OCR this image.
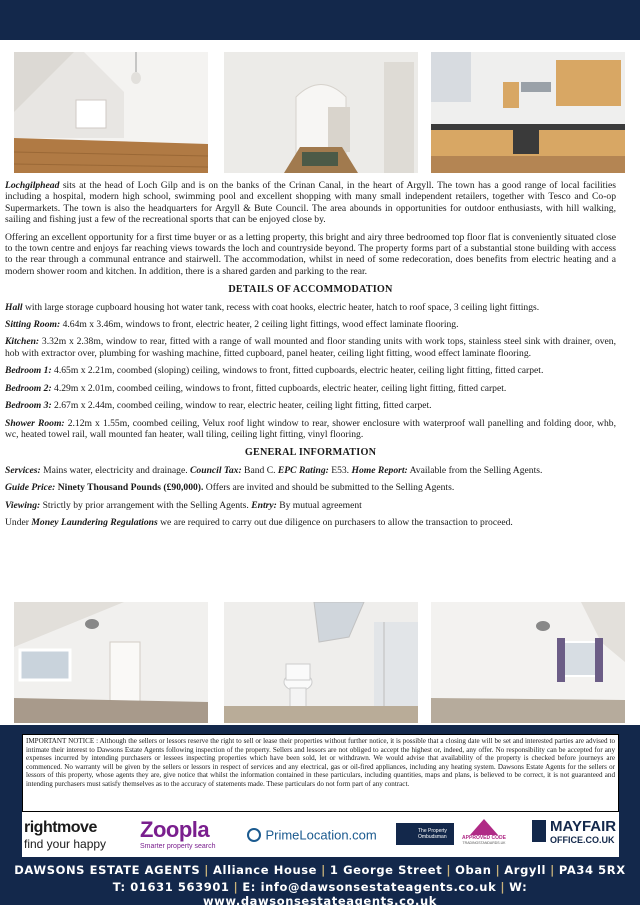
Lochgilphead sits at the head of Loch Gilp and is on the banks of the Crinan Canal, in the heart of Argyll. The town has a good range of local facilities including a hospital, modern high school, swimming pool and excellent shopping with many small independent retailers, together with Tesco and Co-op Supermarkets. The town is also the headquarters for Argyll & Bute Council. The area abounds in opportunities for outdoor enthusiasts, with hill walking, sailing and fishing just a few of the recreational sports that can be enjoyed close by.

Offering an excellent opportunity for a first time buyer or as a letting property, this bright and airy three bedroomed top floor flat is conveniently situated close to the town centre and enjoys far reaching views towards the loch and countryside beyond. The property forms part of a substantial stone building with access to the rear through a communal entrance and stairwell. The accommodation, whilst in need of some redecoration, does benefits from electric heating and a modern shower room and kitchen. In addition, there is a shared garden and parking to the rear.

DETAILS OF ACCOMMODATION

Hall with large storage cupboard housing hot water tank, recess with coat hooks, electric heater, hatch to roof space, 3 ceiling light fittings.

Sitting Room: 4.64m x 3.46m, windows to front, electric heater, 2 ceiling light fittings, wood effect laminate flooring.

Kitchen: 3.32m x 2.38m, window to rear, fitted with a range of wall mounted and floor standing units with work tops, stainless steel sink with drainer, oven, hob with extractor over, plumbing for washing machine, fitted cupboard, panel heater, ceiling light fitting, wood effect laminate flooring.

Bedroom 1: 4.65m x 2.21m, coombed (sloping) ceiling, windows to front, fitted cupboards, electric heater, ceiling light fitting, fitted carpet.

Bedroom 2: 4.29m x 2.01m, coombed ceiling, windows to front, fitted cupboards, electric heater, ceiling light fitting, fitted carpet.

Bedroom 3: 2.67m x 2.44m, coombed ceiling, window to rear, electric heater, ceiling light fitting, fitted carpet.

Shower Room: 2.12m x 1.55m, coombed ceiling, Velux roof light window to rear, shower enclosure with waterproof wall panelling and folding door, whb, wc, heated towel rail, wall mounted fan heater, wall tiling, ceiling light fitting, vinyl flooring.

GENERAL INFORMATION

Services: Mains water, electricity and drainage. Council Tax: Band C. EPC Rating: E53. Home Report: Available from the Selling Agents.

Guide Price: Ninety Thousand Pounds (£90,000). Offers are invited and should be submitted to the Selling Agents.

Viewing: Strictly by prior arrangement with the Selling Agents. Entry: By mutual agreement

Under Money Laundering Regulations we are required to carry out due diligence on purchasers to allow the transaction to proceed.

IMPORTANT NOTICE : Although the sellers or lessors reserve the right to sell or lease their properties without further notice, it is possible that a closing date will be set and interested parties are advised to intimate their interest to Dawsons Estate Agents following inspection of the property. Sellers and lessors are not obliged to accept the highest or, indeed, any offer. No responsibility can be accepted for any expenses incurred by intending purchasers or lessees inspecting properties which have been sold, let or withdrawn. We would advise that availability of the property is checked before journeys are commenced. No warranty will be given by the sellers or lessors in respect of services and any electrical, gas or oil-fired appliances, including any heating system. Dawsons Estate Agents for the sellers or lessors of this property, whose agents they are, give notice that whilst the information contained in these particulars, including quantities, maps and plans, is believed to be correct, it is not guaranteed and intending purchasers must satisfy themselves as to the accuracy of statements made. These particulars do not form part of any contract.
rightmove
find your happy
Zoopla
Smarter property search
PrimeLocation.com	The Property Ombudsman	APPROVED CODE
TRADINGSTANDARDS.UK
MAYFAIR
OFFICE.CO.UK
DAWSONS ESTATE AGENTS | Alliance House | 1 George Street | Oban | Argyll | PA34 5RX
T: 01631 563901 | E: info@dawsonsestateagents.co.uk | W: www.dawsonsestateagents.co.uk
